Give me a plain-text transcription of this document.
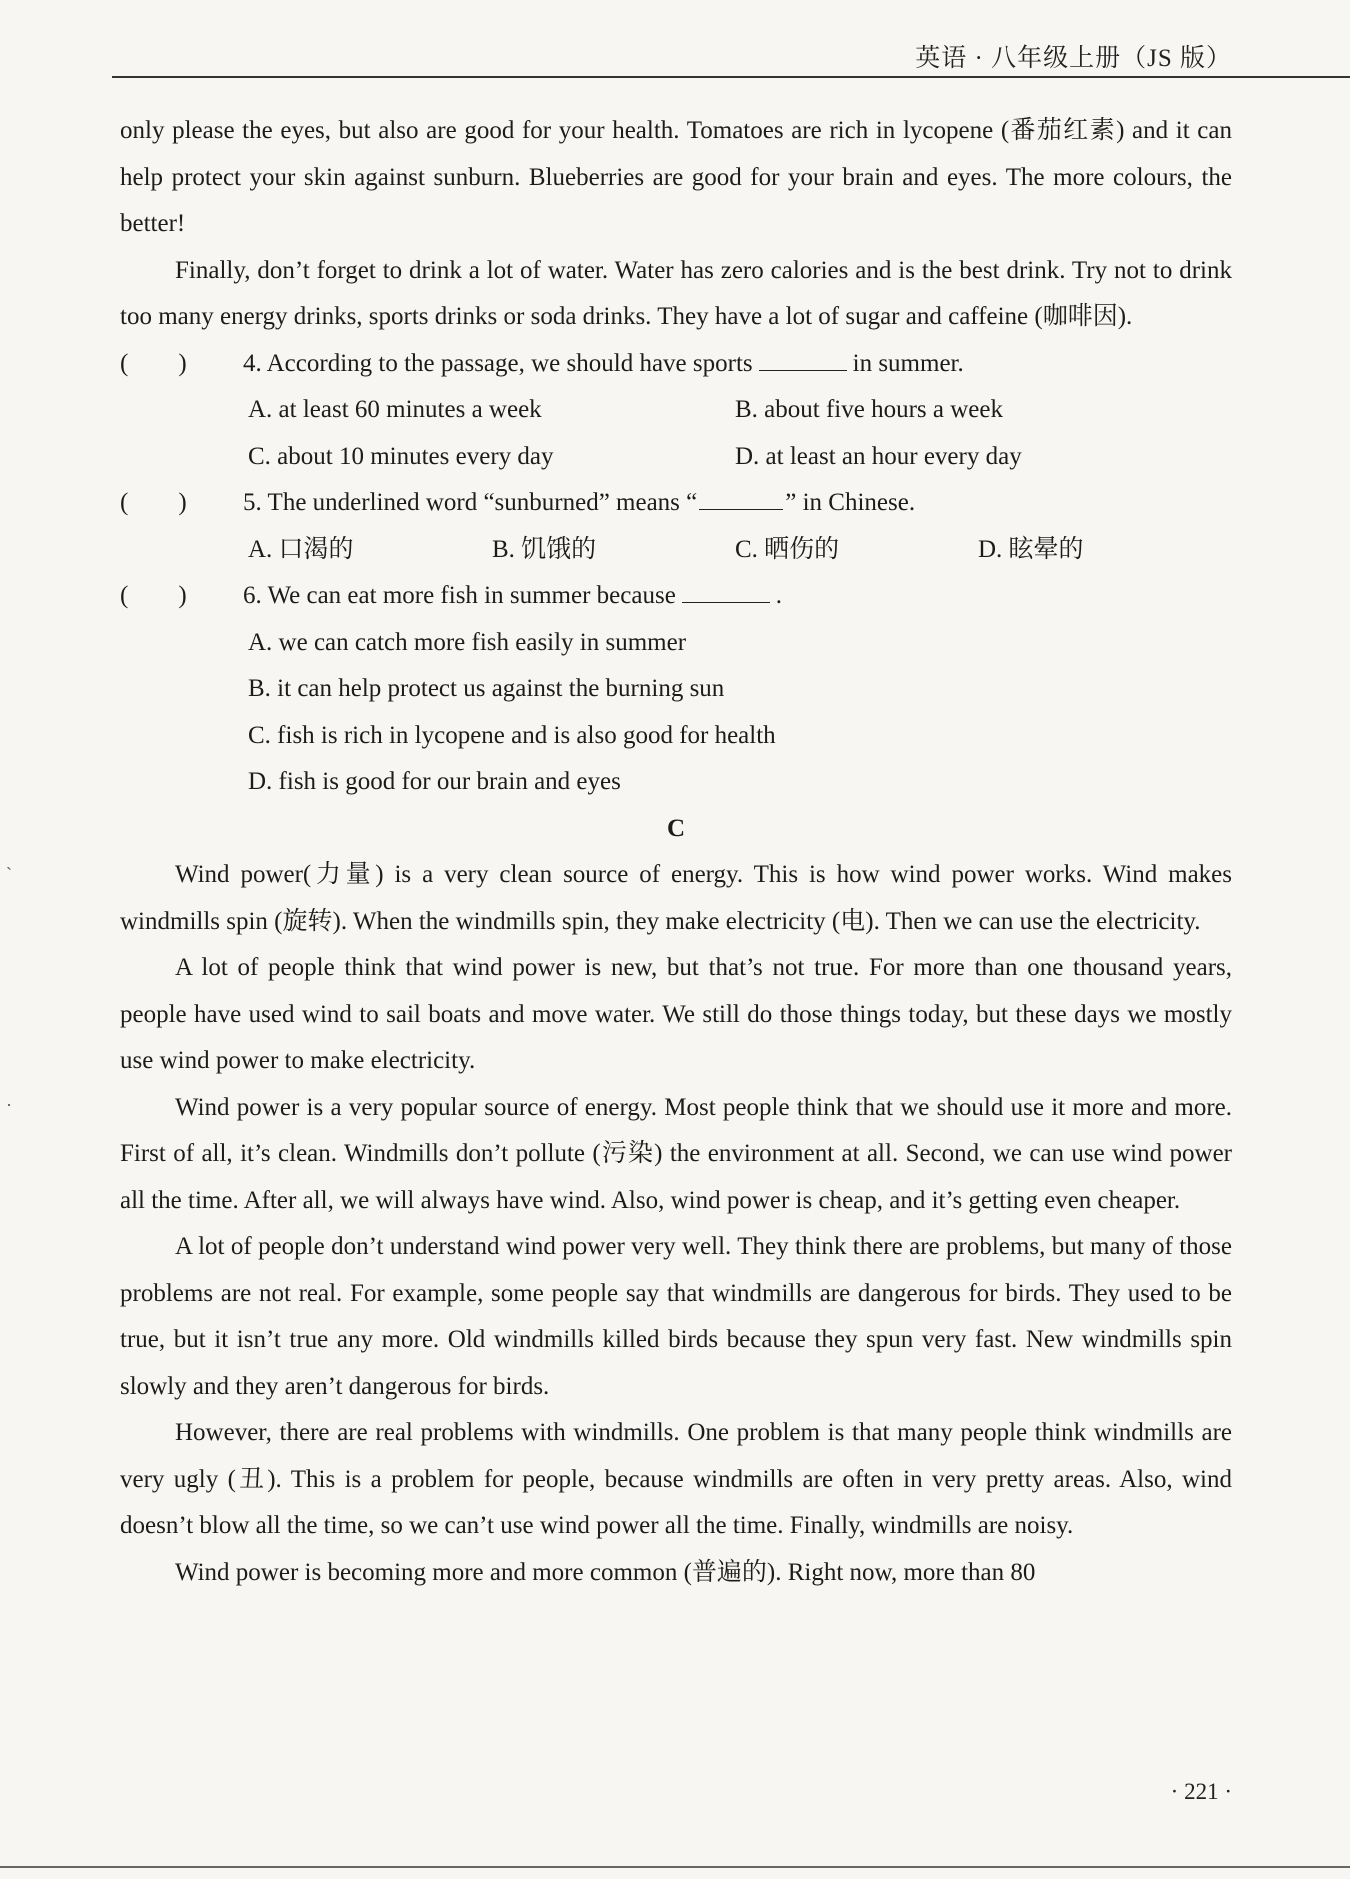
英语 · 八年级上册（JS 版）
ˎ
·

only please the eyes, but also are good for your health. Tomatoes are rich in lycopene (番茄红素) and it can help protect your skin against sunburn. Blueberries are good for your brain and eyes. The more colours, the better!

Finally, don’t forget to drink a lot of water. Water has zero calories and is the best drink. Try not to drink too many energy drinks, sports drinks or soda drinks. They have a lot of sugar and caffeine (咖啡因).

(　　) 4. According to the passage, we should have sports	in summer.
A. at least 60 minutes a week	B. about five hours a week
C. about 10 minutes every day	D. at least an hour every day
(　　) 5. The underlined word “sunburned” means “	” in Chinese.
A. 口渴的	B. 饥饿的	C. 晒伤的	D. 眩晕的
(　　) 6. We can eat more fish in summer because	.
A. we can catch more fish easily in summer
B. it can help protect us against the burning sun
C. fish is rich in lycopene and is also good for health
D. fish is good for our brain and eyes

C

Wind power(力量) is a very clean source of energy. This is how wind power works. Wind makes windmills spin (旋转). When the windmills spin, they make electricity (电). Then we can use the electricity.

A lot of people think that wind power is new, but that’s not true. For more than one thousand years, people have used wind to sail boats and move water. We still do those things today, but these days we mostly use wind power to make electricity.

Wind power is a very popular source of energy. Most people think that we should use it more and more. First of all, it’s clean. Windmills don’t pollute (污染) the environment at all. Second, we can use wind power all the time. After all, we will always have wind. Also, wind power is cheap, and it’s getting even cheaper.

A lot of people don’t understand wind power very well. They think there are problems, but many of those problems are not real. For example, some people say that windmills are dangerous for birds. They used to be true, but it isn’t true any more. Old windmills killed birds because they spun very fast. New windmills spin slowly and they aren’t dangerous for birds.

However, there are real problems with windmills. One problem is that many people think windmills are very ugly (丑). This is a problem for people, because windmills are often in very pretty areas. Also, wind doesn’t blow all the time, so we can’t use wind power all the time. Finally, windmills are noisy.

Wind power is becoming more and more common (普遍的). Right now, more than 80

· 221 ·
